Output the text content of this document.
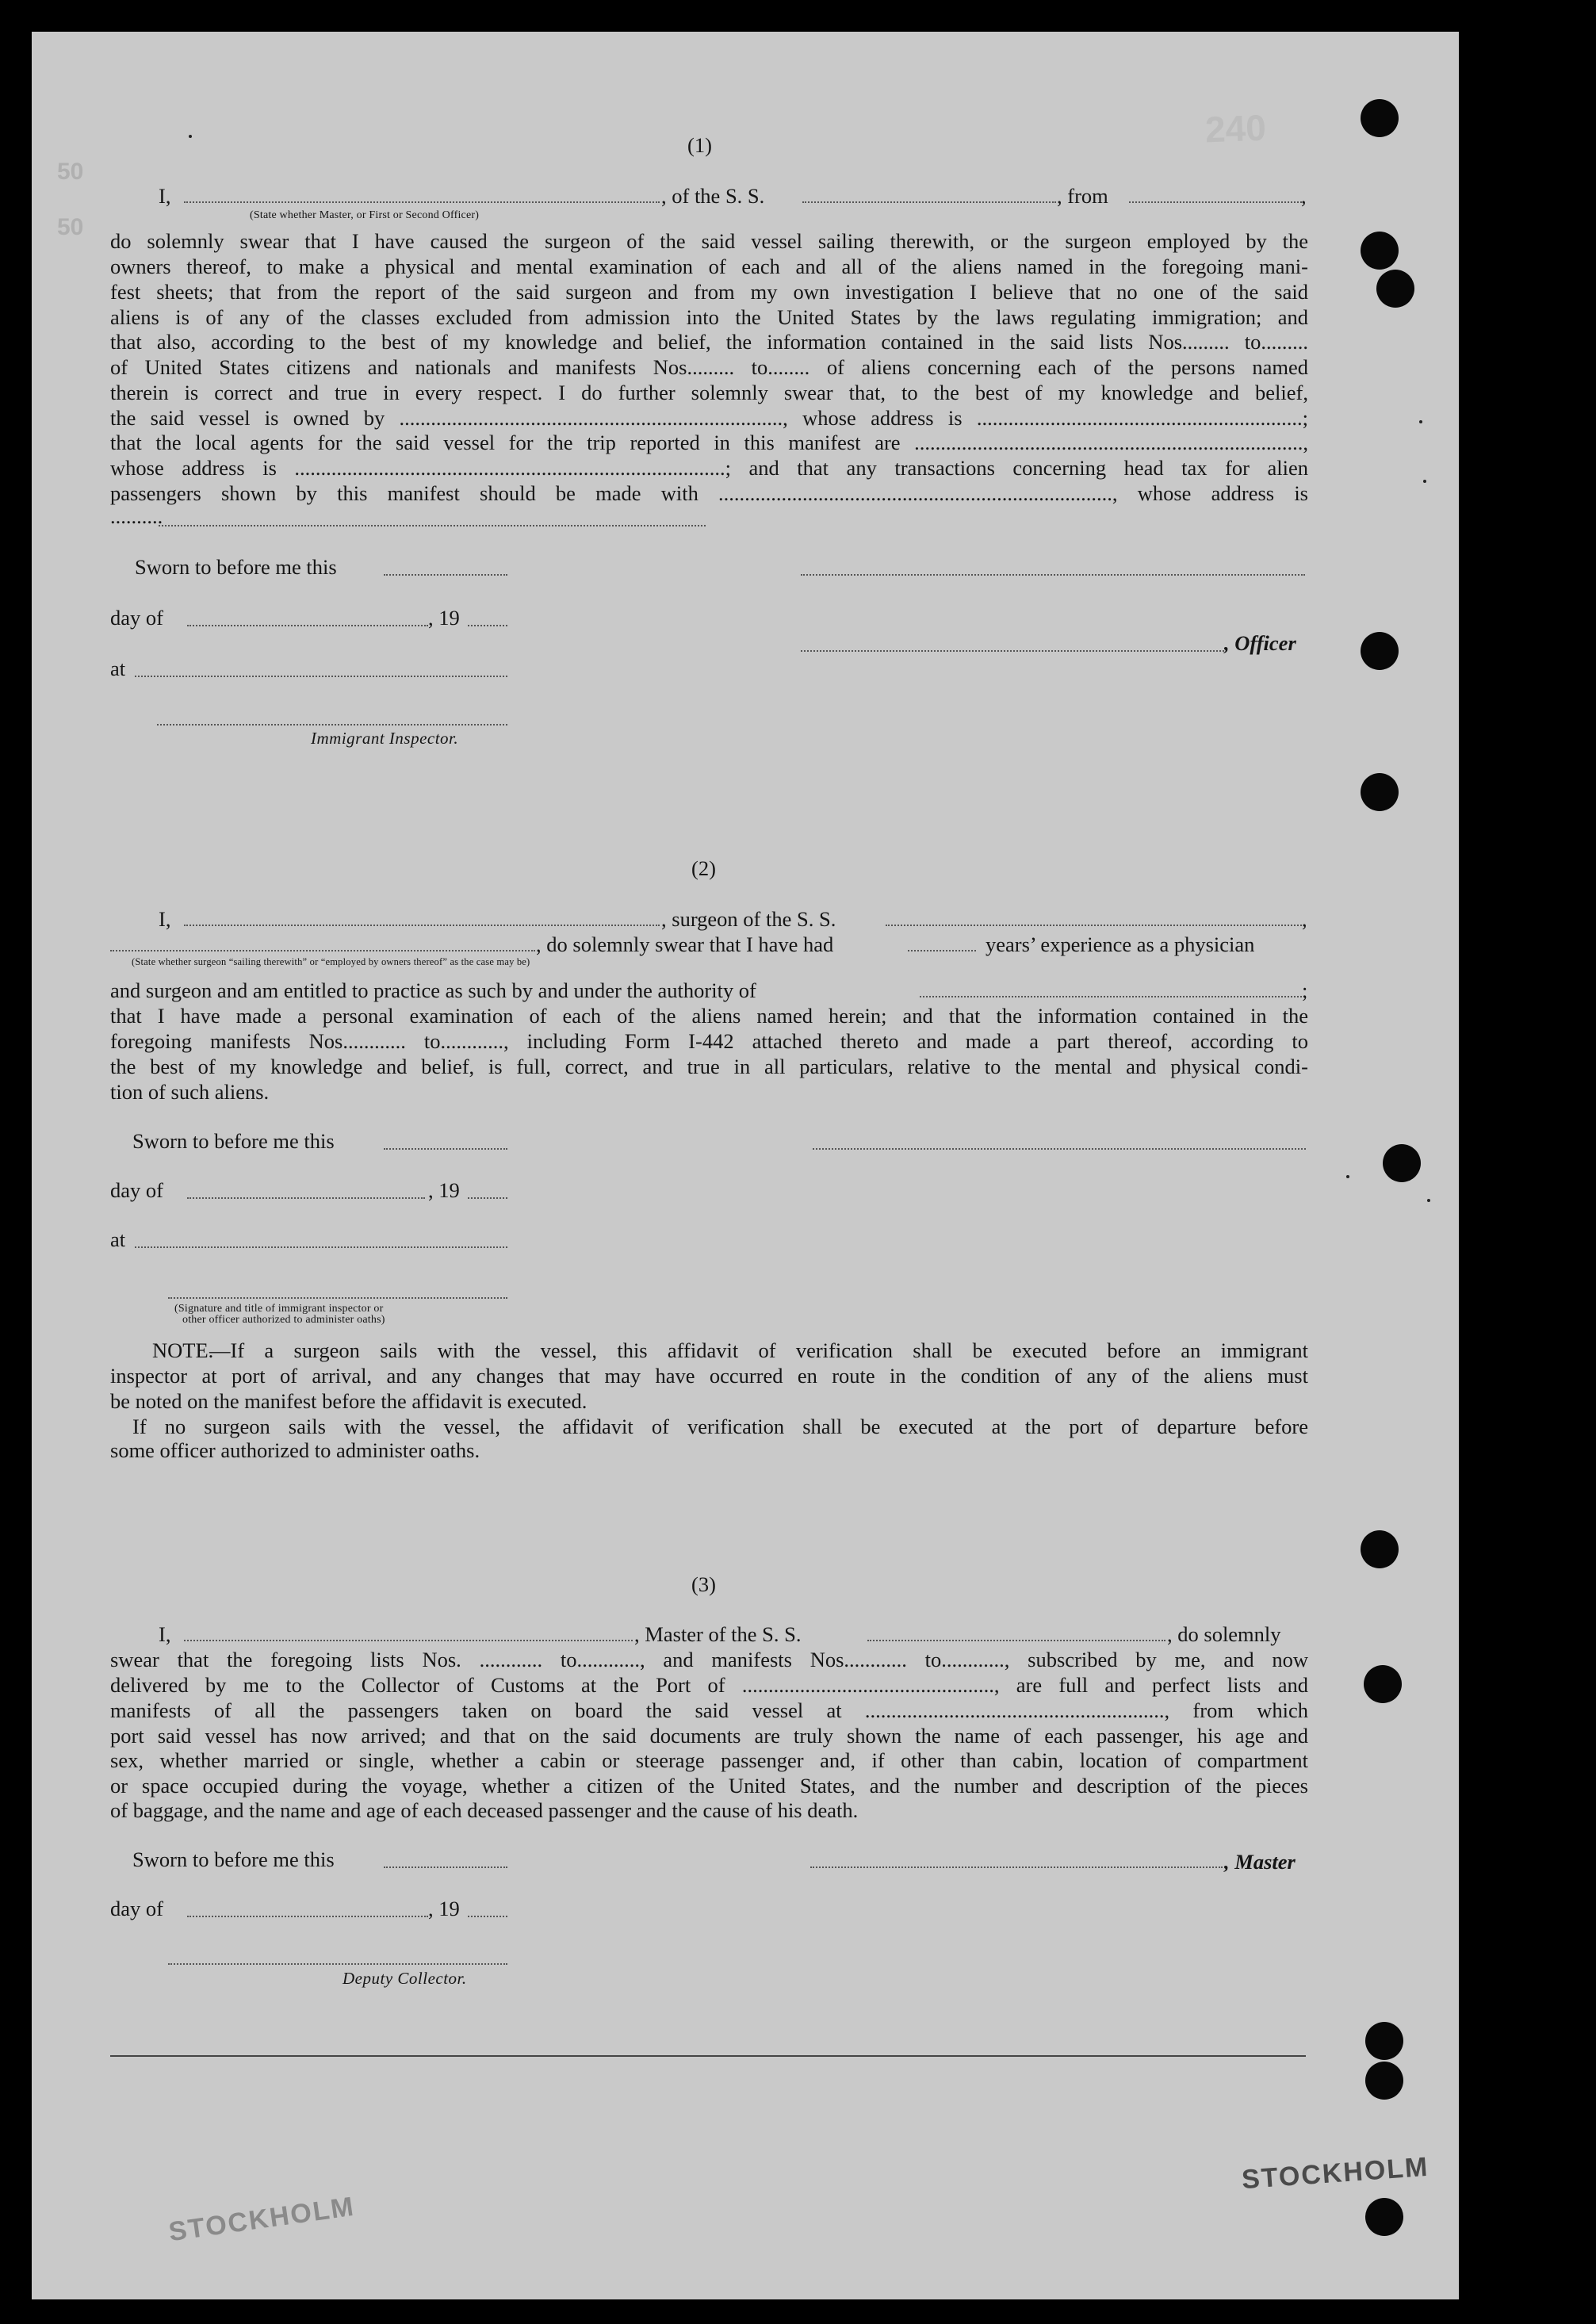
240
50
50
(1)
I,	, of the S. S.	, from	,
(State whether Master, or First or Second Officer)
do solemnly swear that I have caused the surgeon of the said vessel sailing therewith, or the surgeon employed by the
owners thereof, to make a physical and mental examination of each and all of the aliens named in the foregoing mani-
fest sheets; that from the report of the said surgeon and from my own investigation I believe that no one of the said
aliens is of any of the classes excluded from admission into the United States by the laws regulating immigration; and
that also, according to the best of my knowledge and belief, the information contained in the said lists Nos......... to.........
of United States citizens and nationals and manifests Nos......... to........ of aliens concerning each of the persons named
therein is correct and true in every respect. I do further solemnly swear that, to the best of my knowledge and belief,
the said vessel is owned by ........................................................................., whose address is ..............................................................;
that the local agents for the said vessel for the trip reported in this manifest are ..........................................................................,
whose address is ..................................................................................; and that any transactions concerning head tax for alien
passengers shown by this manifest should be made with ..........................................................................., whose address is
..........
Sworn to before me this
day of	, 19
, Officer
at
Immigrant Inspector.
(2)
I,	, surgeon of the S. S.	,
, do solemnly swear that I have had	years’ experience as a physician
(State whether surgeon “sailing therewith” or “employed by owners thereof” as the case may be)
and surgeon and am entitled to practice as such by and under the authority of	;
that I have made a personal examination of each of the aliens named herein; and that the information contained in the
foregoing manifests Nos............ to............, including Form I-442 attached thereto and made a part thereof, according to
the best of my knowledge and belief, is full, correct, and true in all particulars, relative to the mental and physical condi-
tion of such aliens.
Sworn to before me this
day of	, 19
at
(Signature and title of immigrant inspector or
other officer authorized to administer oaths)
NOTE.
—If a surgeon sails with the vessel, this affidavit of verification shall be executed before an immigrant
inspector at port of arrival, and any changes that may have occurred en route in the condition of any of the aliens must
be noted on the manifest before the affidavit is executed.
If no surgeon sails with the vessel, the affidavit of verification shall be executed at the port of departure before
some officer authorized to administer oaths.
(3)
I,	, Master of the S. S.	, do solemnly
swear that the foregoing lists Nos. ............ to............, and manifests Nos............ to............, subscribed by me, and now
delivered by me to the Collector of Customs at the Port of ................................................, are full and perfect lists and
manifests of all the passengers taken on board the said vessel at ........................................................., from which
port said vessel has now arrived; and that on the said documents are truly shown the name of each passenger, his age and
sex, whether married or single, whether a cabin or steerage passenger and, if other than cabin, location of compartment
or space occupied during the voyage, whether a citizen of the United States, and the number and description of the pieces
of baggage, and the name and age of each deceased passenger and the cause of his death.
Sworn to before me this	, Master
day of	, 19
Deputy Collector.
STOCKHOLM
STOCKHOLM
